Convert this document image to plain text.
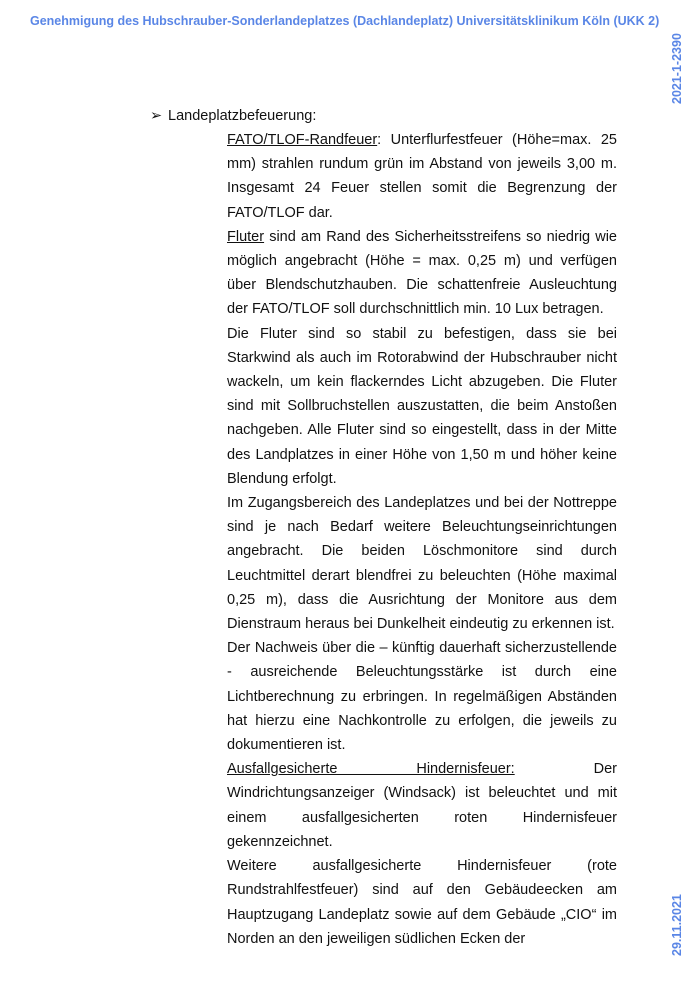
Genehmigung des Hubschrauber-Sonderlandeplatzes (Dachlandeplatz) Universitätsklinikum Köln (UKK 2)
2021-1-2390
29.11.2021
➢ Landeplatzbefeuerung:

FATO/TLOF-Randfeuer: Unterflurfestfeuer (Höhe=max. 25 mm) strahlen rundum grün im Abstand von jeweils 3,00 m. Insgesamt 24 Feuer stellen somit die Begrenzung der FATO/TLOF dar.

Fluter sind am Rand des Sicherheitsstreifens so niedrig wie möglich angebracht (Höhe = max. 0,25 m) und verfügen über Blendschutzhauben. Die schattenfreie Ausleuchtung der FATO/TLOF soll durchschnittlich min. 10 Lux betragen.

Die Fluter sind so stabil zu befestigen, dass sie bei Starkwind als auch im Rotorabwind der Hubschrauber nicht wackeln, um kein flackerndes Licht abzugeben. Die Fluter sind mit Sollbruchstellen auszustatten, die beim Anstoßen nachgeben. Alle Fluter sind so eingestellt, dass in der Mitte des Landplatzes in einer Höhe von 1,50 m und höher keine Blendung erfolgt.

Im Zugangsbereich des Landeplatzes und bei der Nottreppe sind je nach Bedarf weitere Beleuchtungseinrichtungen angebracht. Die beiden Löschmonitore sind durch Leuchtmittel derart blendfrei zu beleuchten (Höhe maximal 0,25 m), dass die Ausrichtung der Monitore aus dem Dienstraum heraus bei Dunkelheit eindeutig zu erkennen ist.

Der Nachweis über die – künftig dauerhaft sicherzustellende - ausreichende Beleuchtungsstärke ist durch eine Lichtberechnung zu erbringen. In regelmäßigen Abständen hat hierzu eine Nachkontrolle zu erfolgen, die jeweils zu dokumentieren ist.

Ausfallgesicherte Hindernisfeuer: Der Windrichtungsanzeiger (Windsack) ist beleuchtet und mit einem ausfallgesicherten roten Hindernisfeuer gekennzeichnet.

Weitere ausfallgesicherte Hindernisfeuer (rote Rundstrahlfestfeuer) sind auf den Gebäudeecken am Hauptzugang Landeplatz sowie auf dem Gebäude „CIO“ im Norden an den jeweiligen südlichen Ecken der
